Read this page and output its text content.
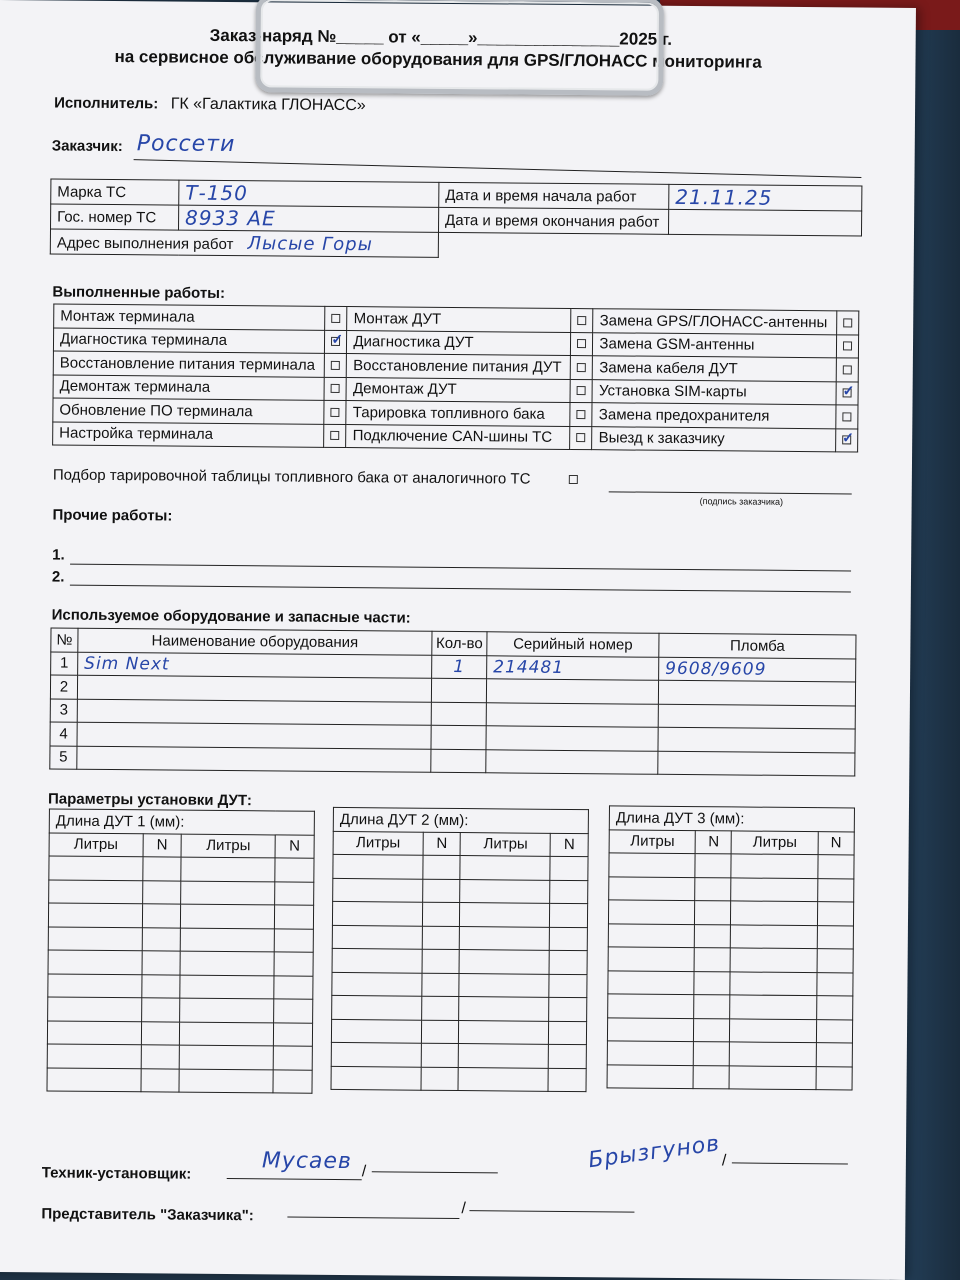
Заказ-наряд №_____ от «_____»_______________2025 г.
на сервисное обслуживание оборудования для GPS/ГЛОНАСС мониторинга
Исполнитель: ГК «Галактика ГЛОНАСС»
Заказчик: Россети
Марка ТС	Т-150	Дата и время начала работ	21.11.25
Гос. номер ТС	8933 АЕ	Дата и время окончания работ	
Адрес выполнения работ Лысые Горы			
Выполненные работы:
Монтаж терминала		Монтаж ДУТ		Замена GPS/ГЛОНАСС-антенны	
Диагностика терминала	✓	Диагностика ДУТ		Замена GSM-антенны	
Восстановление питания терминала		Восстановление питания ДУТ		Замена кабеля ДУТ	
Демонтаж терминала		Демонтаж ДУТ		Установка SIM-карты	✓
Обновление ПО терминала		Тарировка топливного бака		Замена предохранителя	
Настройка терминала		Подключение CAN-шины ТС		Выезд к заказчику	✓
Подбор тарировочной таблицы топливного бака от аналогичного ТС
(подпись заказчика)
Прочие работы:
1.
2.
Используемое оборудование и запасные части:
№	Наименование оборудования	Кол-во	Серийный номер	Пломба
1	Sim Next	1	214481	9608/9609
2				
3				
4				
5				
Параметры установки ДУТ:
Длина ДУТ 1 (мм):			
Литры	N	Литры	N

Длина ДУТ 2 (мм):			
Литры	N	Литры	N

Длина ДУТ 3 (мм):			
Литры	N	Литры	N

Техник-установщик:	Мусаев /	Брызгунов /
Представитель "Заказчика":	/
